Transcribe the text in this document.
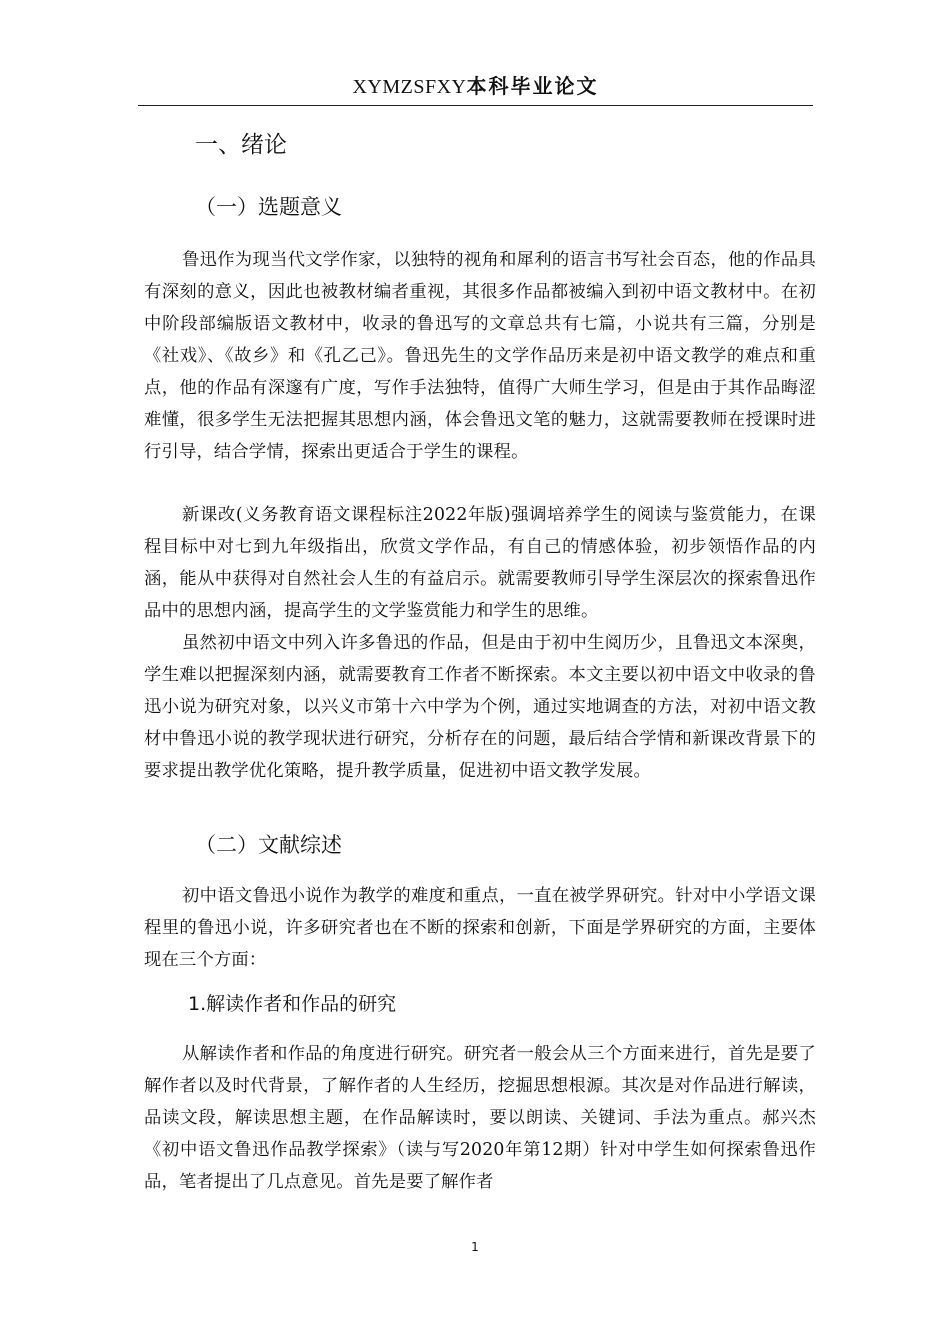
XYMZSFXY本科毕业论文
一、绪论
（一）选题意义

鲁迅作为现当代文学作家，以独特的视角和犀利的语言书写社会百态，他的作品具有深刻的意义，因此也被教材编者重视，其很多作品都被编入到初中语文教材中。在初中阶段部编版语文教材中，收录的鲁迅写的文章总共有七篇，小说共有三篇，分别是《社戏》、《故乡》和《孔乙己》。鲁迅先生的文学作品历来是初中语文教学的难点和重点，他的作品有深邃有广度，写作手法独特，值得广大师生学习，但是由于其作品晦涩难懂，很多学生无法把握其思想内涵，体会鲁迅文笔的魅力，这就需要教师在授课时进行引导，结合学情，探索出更适合于学生的课程。

新课改(义务教育语文课程标注2022年版)强调培养学生的阅读与鉴赏能力，在课程目标中对七到九年级指出，欣赏文学作品，有自己的情感体验，初步领悟作品的内涵，能从中获得对自然社会人生的有益启示。就需要教师引导学生深层次的探索鲁迅作品中的思想内涵，提高学生的文学鉴赏能力和学生的思维。

虽然初中语文中列入许多鲁迅的作品，但是由于初中生阅历少，且鲁迅文本深奥，学生难以把握深刻内涵，就需要教育工作者不断探索。本文主要以初中语文中收录的鲁迅小说为研究对象，以兴义市第十六中学为个例，通过实地调查的方法，对初中语文教材中鲁迅小说的教学现状进行研究，分析存在的问题，最后结合学情和新课改背景下的要求提出教学优化策略，提升教学质量，促进初中语文教学发展。

（二）文献综述

初中语文鲁迅小说作为教学的难度和重点，一直在被学界研究。针对中小学语文课程里的鲁迅小说，许多研究者也在不断的探索和创新，下面是学界研究的方面，主要体现在三个方面：

1.解读作者和作品的研究

从解读作者和作品的角度进行研究。研究者一般会从三个方面来进行，首先是要了解作者以及时代背景，了解作者的人生经历，挖掘思想根源。其次是对作品进行解读，品读文段，解读思想主题，在作品解读时，要以朗读、关键词、手法为重点。郝兴杰《初中语文鲁迅作品教学探索》（读与写2020年第12期）针对中学生如何探索鲁迅作品，笔者提出了几点意见。首先是要了解作者

1
